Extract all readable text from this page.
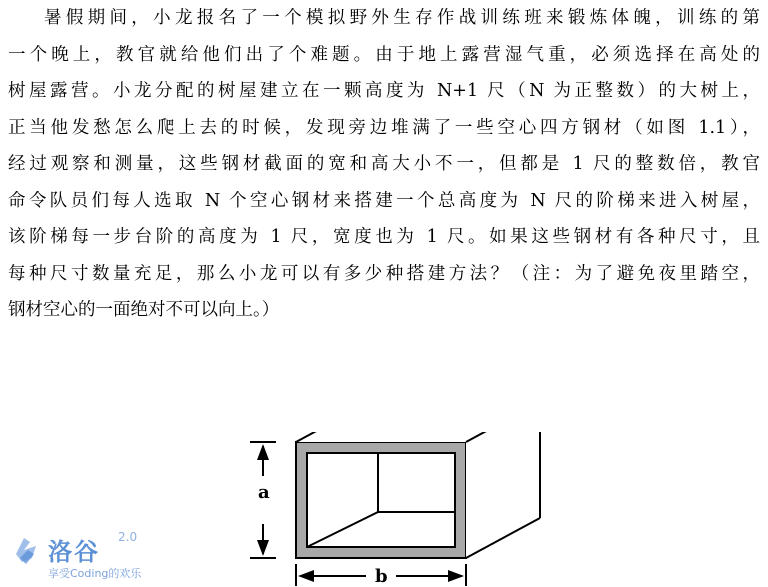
暑假期间，小龙报名了一个模拟野外生存作战训练班来锻炼体魄，训练的第
一个晚上，教官就给他们出了个难题。由于地上露营湿气重，必须选择在高处的
树屋露营。小龙分配的树屋建立在一颗高度为 N+1 尺（N 为正整数）的大树上，
正当他发愁怎么爬上去的时候，发现旁边堆满了一些空心四方钢材（如图 1.1），
经过观察和测量，这些钢材截面的宽和高大小不一，但都是 1 尺的整数倍，教官
命令队员们每人选取 N 个空心钢材来搭建一个总高度为 N 尺的阶梯来进入树屋，
该阶梯每一步台阶的高度为 1 尺，宽度也为 1 尺。如果这些钢材有各种尺寸，且
每种尺寸数量充足，那么小龙可以有多少种搭建方法？（注：为了避免夜里踏空，
钢材空心的一面绝对不可以向上。）
a
b
洛谷
2.0
享受Coding的欢乐
